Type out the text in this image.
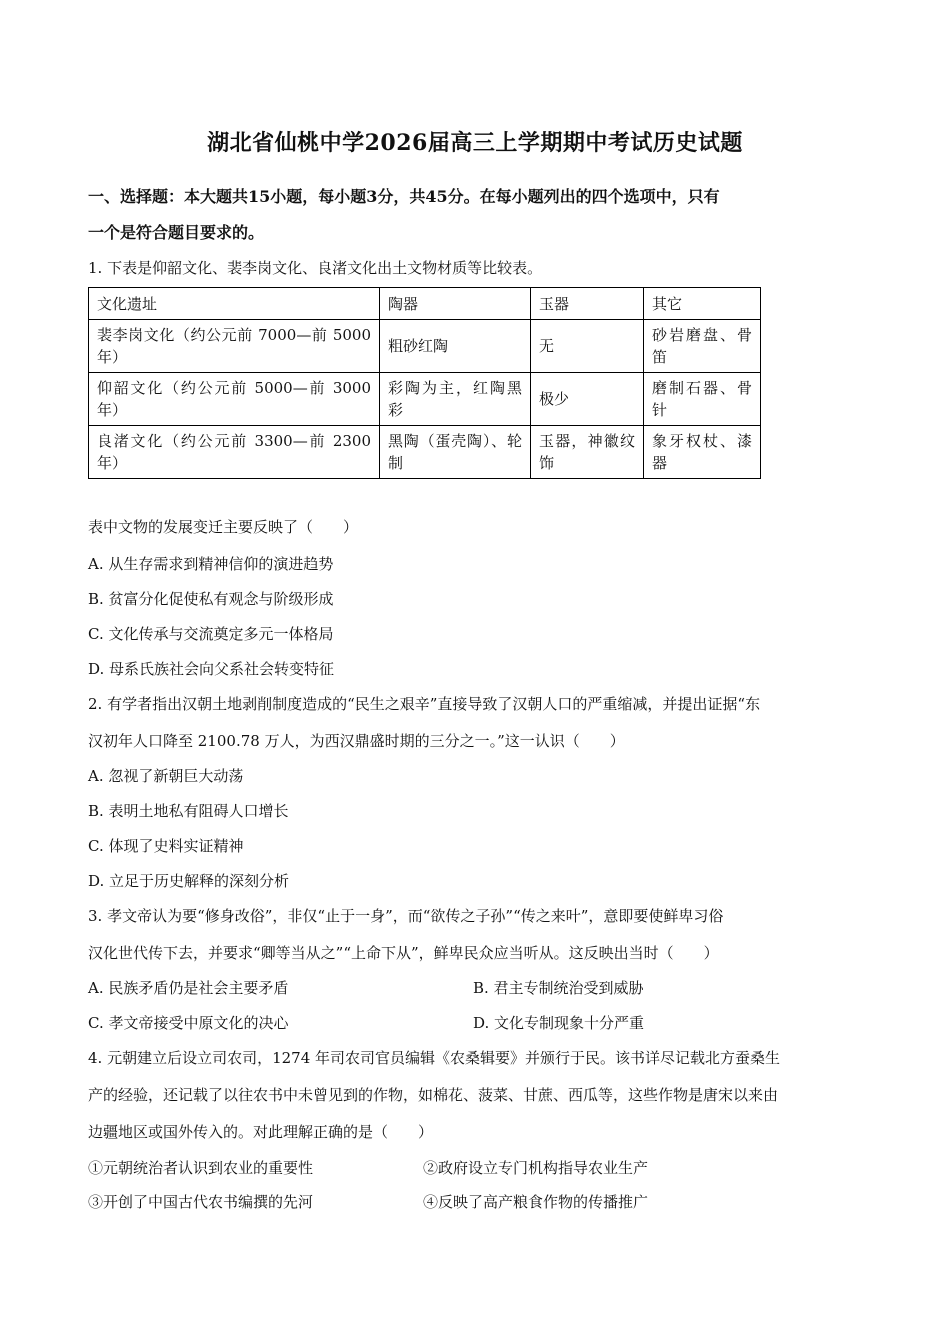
湖北省仙桃中学2026届高三上学期期中考试历史试题
一、选择题：本大题共15小题，每小题3分，共45分。在每小题列出的四个选项中，只有
一个是符合题目要求的。
1. 下表是仰韶文化、裴李岗文化、良渚文化出土文物材质等比较表。
文化遗址	陶器	玉器	其它
裴李岗文化（约公元前 7000—前 5000 年）	粗砂红陶	无	砂岩磨盘、骨笛
仰韶文化（约公元前 5000—前 3000 年）	彩陶为主，红陶黑彩	极少	磨制石器、骨针
良渚文化（约公元前 3300—前 2300 年）	黑陶（蛋壳陶）、轮制	玉器，神徽纹饰	象牙权杖、漆器
表中文物的发展变迁主要反映了（　　）
A. 从生存需求到精神信仰的演进趋势
B. 贫富分化促使私有观念与阶级形成
C. 文化传承与交流奠定多元一体格局
D. 母系氏族社会向父系社会转变特征
2. 有学者指出汉朝土地剥削制度造成的“民生之艰辛”直接导致了汉朝人口的严重缩减，并提出证据“东
汉初年人口降至 2100.78 万人，为西汉鼎盛时期的三分之一。”这一认识（　　）
A. 忽视了新朝巨大动荡
B. 表明土地私有阻碍人口增长
C. 体现了史料实证精神
D. 立足于历史解释的深刻分析
3. 孝文帝认为要“修身改俗”，非仅“止于一身”，而“欲传之子孙”“传之来叶”，意即要使鲜卑习俗
汉化世代传下去，并要求“卿等当从之”“上命下从”，鲜卑民众应当听从。这反映出当时（　　）
A. 民族矛盾仍是社会主要矛盾	B. 君主专制统治受到威胁
C. 孝文帝接受中原文化的决心	D. 文化专制现象十分严重
4. 元朝建立后设立司农司，1274 年司农司官员编辑《农桑辑要》并颁行于民。该书详尽记载北方蚕桑生
产的经验，还记载了以往农书中未曾见到的作物，如棉花、菠菜、甘蔗、西瓜等，这些作物是唐宋以来由
边疆地区或国外传入的。对此理解正确的是（　　）
①元朝统治者认识到农业的重要性	②政府设立专门机构指导农业生产
③开创了中国古代农书编撰的先河	④反映了高产粮食作物的传播推广
